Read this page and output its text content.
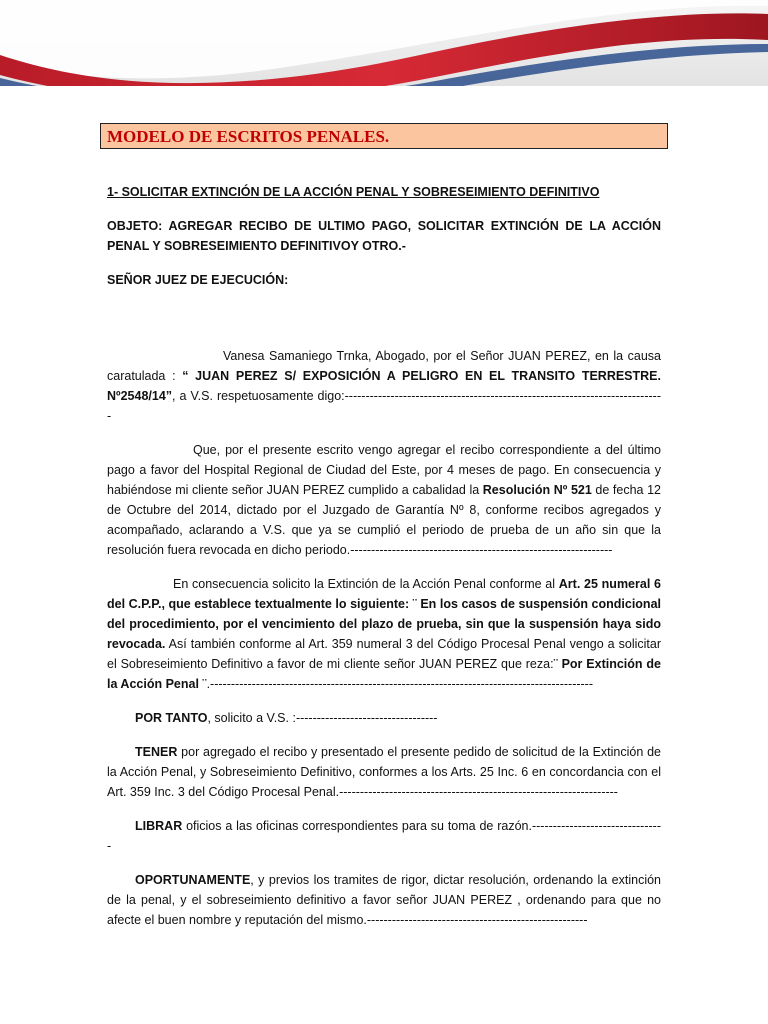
MODELO DE ESCRITOS PENALES.

1- SOLICITAR EXTINCIÓN DE LA ACCIÓN PENAL Y SOBRESEIMIENTO DEFINITIVO

OBJETO: AGREGAR RECIBO DE ULTIMO PAGO, SOLICITAR EXTINCIÓN DE LA ACCIÓN PENAL Y SOBRESEIMIENTO DEFINITIVOY OTRO.-

SEÑOR JUEZ DE EJECUCIÓN:

Vanesa Samaniego Trnka, Abogado, por el Señor JUAN PEREZ, en la causa caratulada : “ JUAN PEREZ S/ EXPOSICIÓN A PELIGRO EN EL TRANSITO TERRESTRE. Nº2548/14”, a V.S. respetuosamente digo:-----------------------------------------------------------------------------

Que, por el presente escrito vengo agregar el recibo correspondiente a del último pago a favor del Hospital Regional de Ciudad del Este, por 4 meses de pago. En consecuencia y habiéndose mi cliente señor JUAN PEREZ cumplido a cabalidad la Resolución Nº 521 de fecha 12 de Octubre del 2014, dictado por el Juzgado de Garantía Nº 8, conforme recibos agregados y acompañado, aclarando a V.S. que ya se cumplió el periodo de prueba de un año sin que la resolución fuera revocada en dicho periodo.---------------------------------------------------------------

En consecuencia solicito la Extinción de la Acción Penal conforme al Art. 25 numeral 6 del C.P.P., que establece textualmente lo siguiente: ¨ En los casos de suspensión condicional del procedimiento, por el vencimiento del plazo de prueba, sin que la suspensión haya sido revocada. Así también conforme al Art. 359 numeral 3 del Código Procesal Penal vengo a solicitar el Sobreseimiento Definitivo a favor de mi cliente señor JUAN PEREZ que reza:¨ Por Extinción de la Acción Penal ¨.--------------------------------------------------------------------------------------------

POR TANTO, solicito a V.S. :----------------------------------

TENER por agregado el recibo y presentado el presente pedido de solicitud de la Extinción de la Acción Penal, y Sobreseimiento Definitivo, conformes a los Arts. 25 Inc. 6 en concordancia con el Art. 359 Inc. 3 del Código Procesal Penal.-------------------------------------------------------------------

LIBRAR oficios a las oficinas correspondientes para su toma de razón.--------------------------------

OPORTUNAMENTE, y previos los tramites de rigor, dictar resolución, ordenando la extinción de la penal, y el sobreseimiento definitivo a favor señor JUAN PEREZ , ordenando para que no afecte el buen nombre y reputación del mismo.-----------------------------------------------------
